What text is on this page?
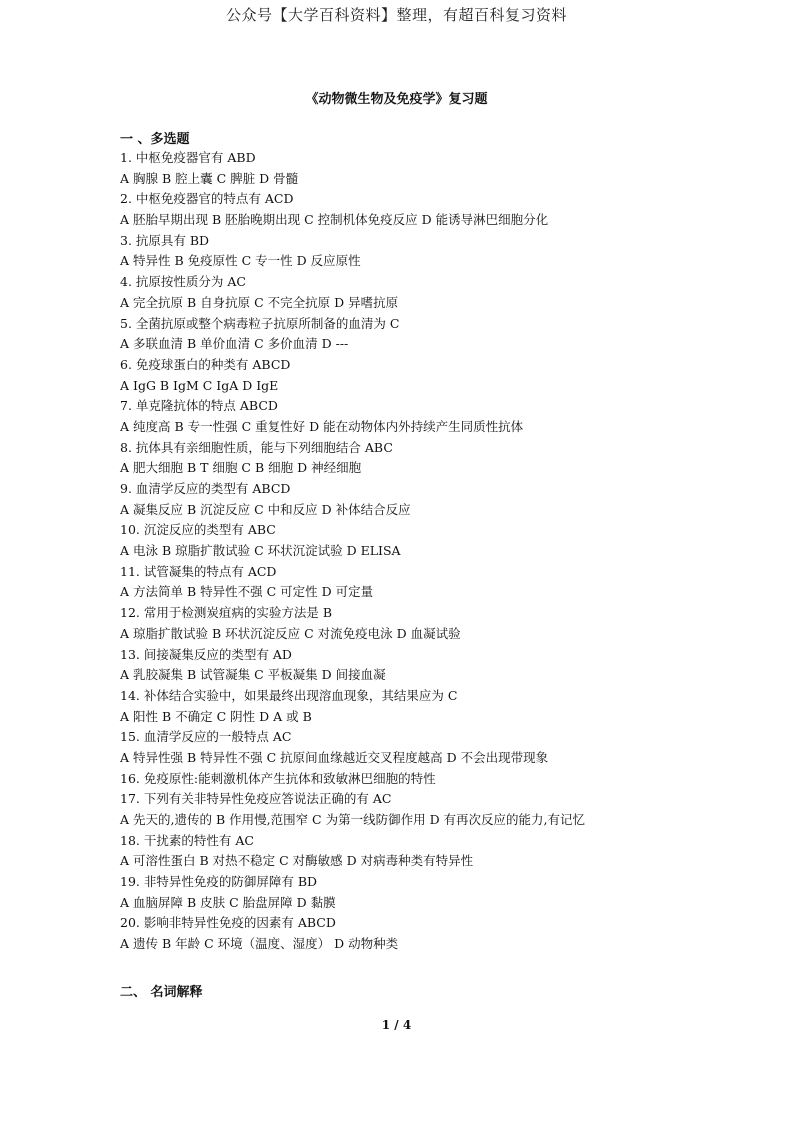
公众号【大学百科资料】整理，有超百科复习资料
《动物微生物及免疫学》复习题
一 、多选题
1. 中枢免疫器官有 ABD
A 胸腺 B 腔上囊 C 脾脏 D 骨髓
2. 中枢免疫器官的特点有 ACD
A 胚胎早期出现 B 胚胎晚期出现 C 控制机体免疫反应 D 能诱导淋巴细胞分化
3. 抗原具有 BD
A 特异性 B 免疫原性 C 专一性 D 反应原性
4. 抗原按性质分为 AC
A 完全抗原 B 自身抗原 C 不完全抗原 D 异嗜抗原
5. 全菌抗原或整个病毒粒子抗原所制备的血清为 C
A 多联血清 B 单价血清 C 多价血清 D ---
6. 免疫球蛋白的种类有 ABCD
A IgG B IgM C IgA D IgE
7. 单克隆抗体的特点 ABCD
A 纯度高 B 专一性强 C 重复性好 D 能在动物体内外持续产生同质性抗体
8. 抗体具有亲细胞性质，能与下列细胞结合 ABC
A 肥大细胞 B T 细胞 C B 细胞 D 神经细胞
9. 血清学反应的类型有 ABCD
A 凝集反应 B 沉淀反应 C 中和反应 D 补体结合反应
10. 沉淀反应的类型有 ABC
A 电泳 B 琼脂扩散试验 C 环状沉淀试验 D ELISA
11. 试管凝集的特点有 ACD
A 方法简单 B 特异性不强 C 可定性 D 可定量
12. 常用于检测炭疽病的实验方法是 B
A 琼脂扩散试验 B 环状沉淀反应 C 对流免疫电泳 D 血凝试验
13. 间接凝集反应的类型有 AD
A 乳胶凝集 B 试管凝集 C 平板凝集 D 间接血凝
14. 补体结合实验中，如果最终出现溶血现象，其结果应为 C
A 阳性 B 不确定 C 阴性 D A 或 B
15. 血清学反应的一般特点 AC
A 特异性强 B 特异性不强 C 抗原间血缘越近交叉程度越高 D 不会出现带现象
16. 免疫原性:能刺激机体产生抗体和致敏淋巴细胞的特性
17. 下列有关非特异性免疫应答说法正确的有 AC
A 先天的,遗传的 B 作用慢,范围窄 C 为第一线防御作用 D 有再次反应的能力,有记忆
18. 干扰素的特性有 AC
A 可溶性蛋白 B 对热不稳定 C 对酶敏感 D 对病毒种类有特异性
19. 非特异性免疫的防御屏障有 BD
A 血脑屏障 B 皮肤 C 胎盘屏障 D 黏膜
20. 影响非特异性免疫的因素有 ABCD
A 遗传 B 年龄 C 环境（温度、湿度） D 动物种类
二、 名词解释
1 / 4
